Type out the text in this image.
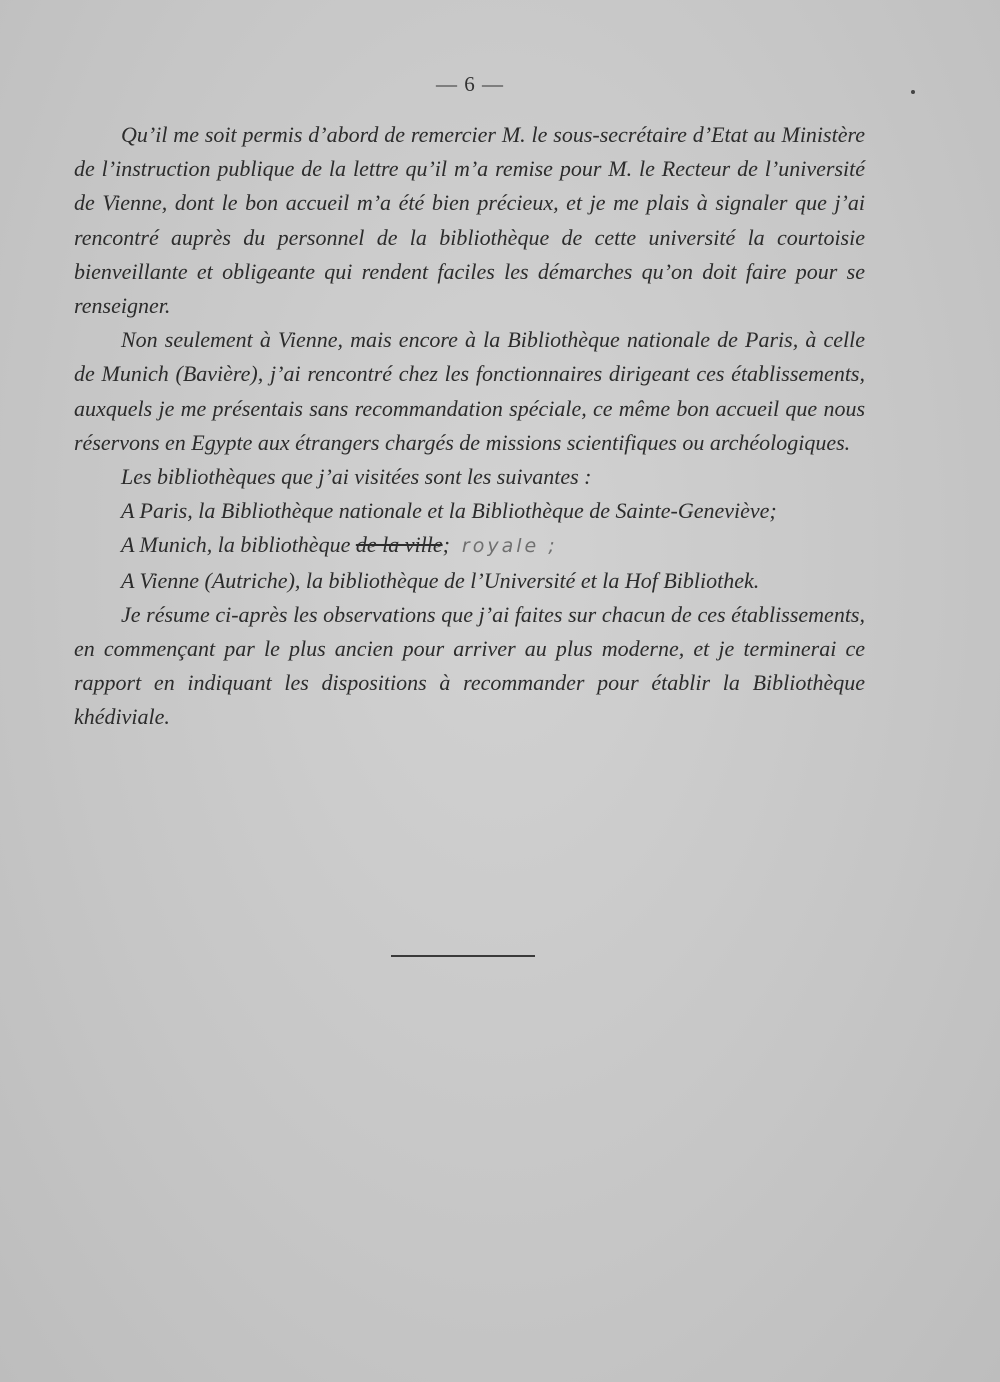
— 6 —

Qu’il me soit permis d’abord de remercier M. le sous-secrétaire d’Etat au Ministère de l’instruction publique de la lettre qu’il m’a remise pour M. le Recteur de l’université de Vienne, dont le bon accueil m’a été bien précieux, et je me plais à signaler que j’ai rencontré auprès du personnel de la bibliothèque de cette université la courtoisie bienveillante et obligeante qui rendent faciles les démarches qu’on doit faire pour se renseigner.

Non seulement à Vienne, mais encore à la Bibliothèque nationale de Paris, à celle de Munich (Bavière), j’ai rencontré chez les fonctionnaires dirigeant ces établissements, auxquels je me présentais sans recommandation spéciale, ce même bon accueil que nous réservons en Egypte aux étrangers chargés de missions scientifiques ou archéologiques.

Les bibliothèques que j’ai visitées sont les suivantes :

A Paris, la Bibliothèque nationale et la Bibliothèque de Sainte-Geneviève;

A Munich, la bibliothèque de la ville; royale ;

A Vienne (Autriche), la bibliothèque de l’Université et la Hof Bibliothek.

Je résume ci-après les observations que j’ai faites sur chacun de ces établissements, en commençant par le plus ancien pour arriver au plus moderne, et je terminerai ce rapport en indiquant les dispositions à recommander pour établir la Bibliothèque khédiviale.
